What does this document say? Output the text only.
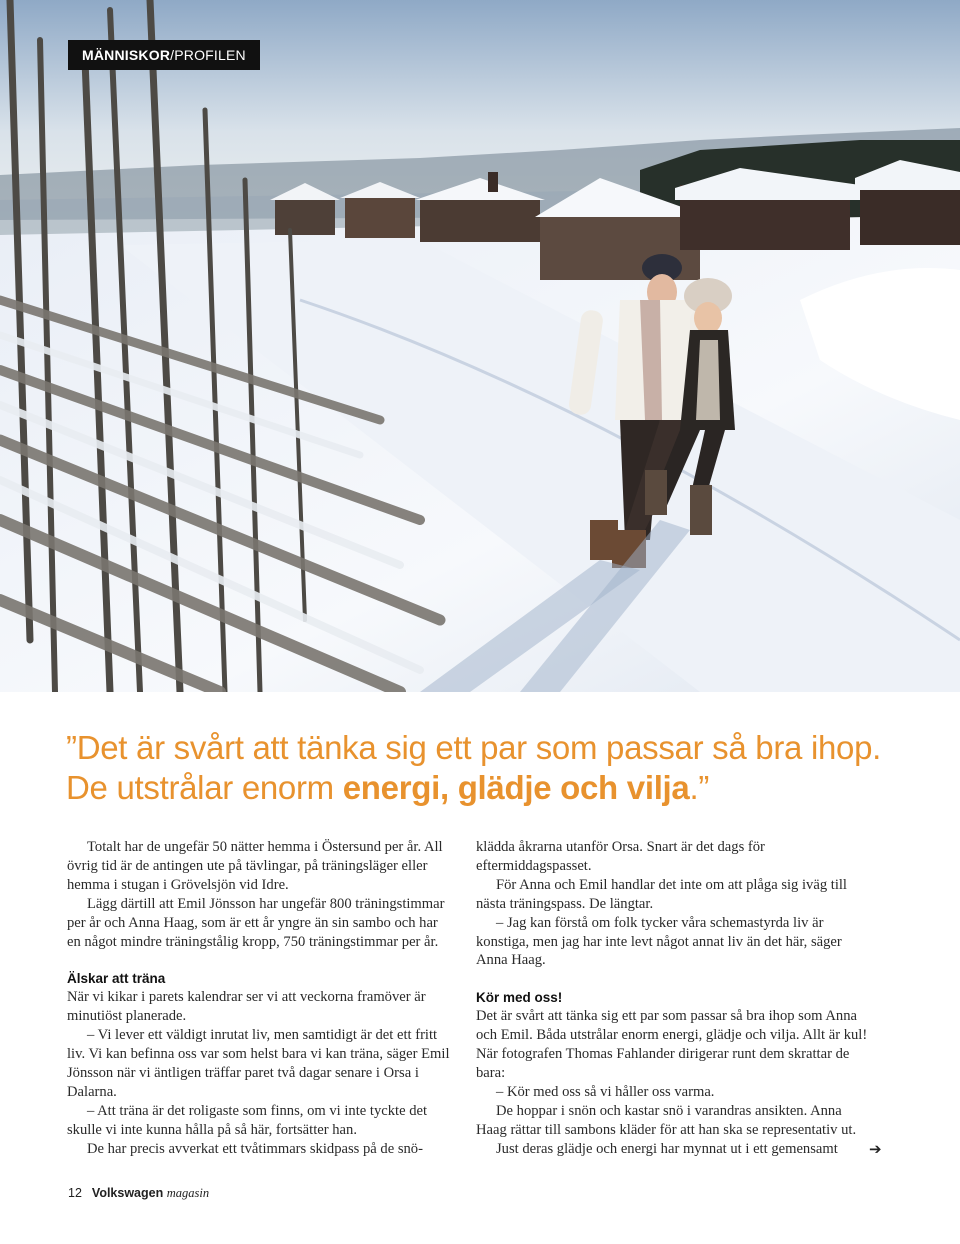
MÄNNISKOR / PROFILEN
”Det är svårt att tänka sig ett par som passar så bra ihop. De utstrålar enorm energi, glädje och vilja.”

Totalt har de ungefär 50 nätter hemma i Östersund per år. All övrig tid är de antingen ute på tävlingar, på träningsläger eller hemma i stugan i Grövelsjön vid Idre.

Lägg därtill att Emil Jönsson har ungefär 800 träningstimmar per år och Anna Haag, som är ett år yngre än sin sambo och har en något mindre träningstålig kropp, 750 träningstimmar per år.

Älskar att träna

När vi kikar i parets kalendrar ser vi att veckorna framöver är minutiöst planerade.

– Vi lever ett väldigt inrutat liv, men samtidigt är det ett fritt liv. Vi kan befinna oss var som helst bara vi kan träna, säger Emil Jönsson när vi äntligen träffar paret två dagar senare i Orsa i Dalarna.

– Att träna är det roligaste som finns, om vi inte tyckte det skulle vi inte kunna hålla på så här, fortsätter han.

De har precis avverkat ett tvåtimmars skidpass på de snö-

klädda åkrarna utanför Orsa. Snart är det dags för eftermiddagspasset.

För Anna och Emil handlar det inte om att plåga sig iväg till nästa träningspass. De längtar.

– Jag kan förstå om folk tycker våra schemastyrda liv är konstiga, men jag har inte levt något annat liv än det här, säger Anna Haag.

Kör med oss!

Det är svårt att tänka sig ett par som passar så bra ihop som Anna och Emil. Båda utstrålar enorm energi, glädje och vilja. Allt är kul! När fotografen Thomas Fahlander dirigerar runt dem skrattar de bara:

– Kör med oss så vi håller oss varma.

De hoppar i snön och kastar snö i varandras ansikten. Anna Haag rättar till sambons kläder för att han ska se representativ ut.

Just deras glädje och energi har mynnat ut i ett gemensamt	➔
12 Volkswagen magasin
